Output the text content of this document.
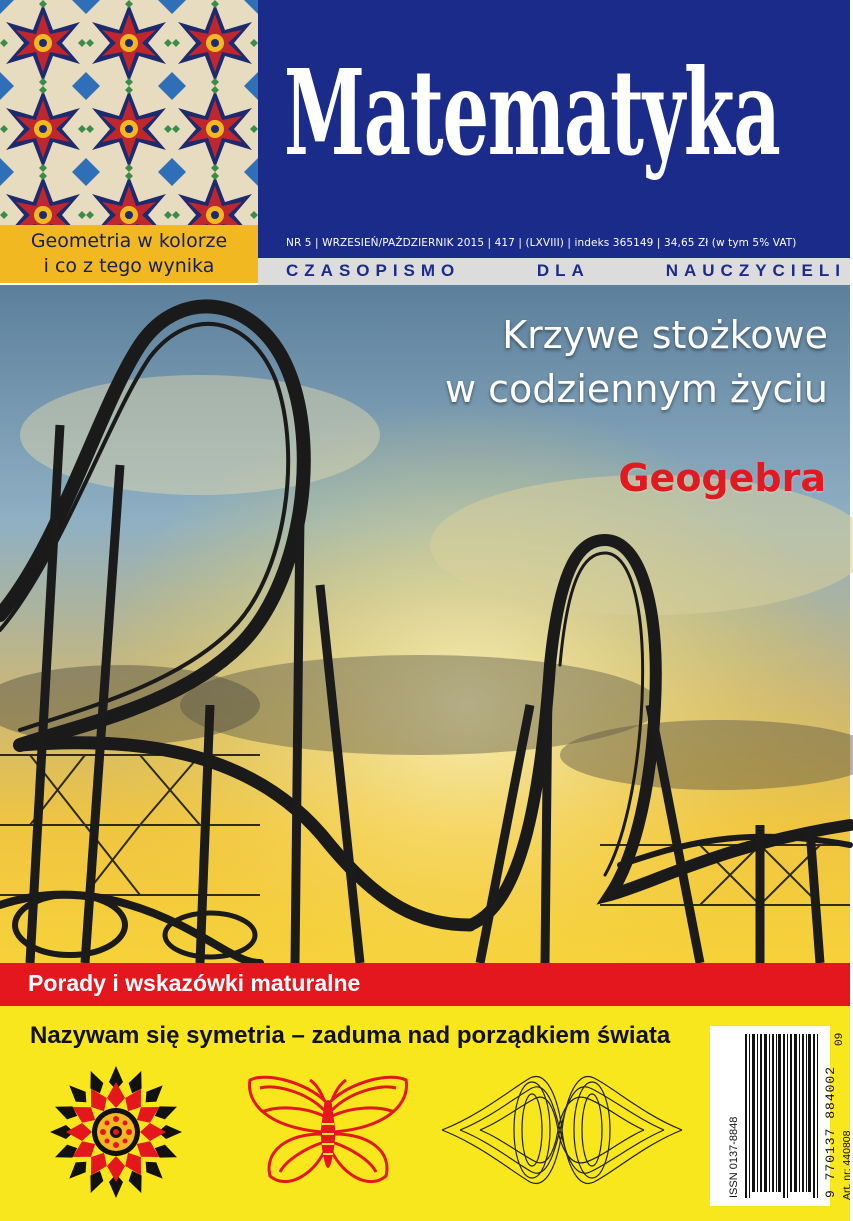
Geometria w kolorze
i co z tego wynika
Matematyka
NR 5 | WRZESIEŃ/PAŹDZIERNIK 2015 | 417 | (LXVIII) | indeks 365149 | 34,65 Zł (w tym 5% VAT)
CZASOPISMO DLA NAUCZYCIELI
Krzywe stożkowe
w codziennym życiu
Geogebra
Porady i wskazówki maturalne
Nazywam się symetria – zaduma nad porządkiem świata
ISSN 0137-8848	9 770137 884002
09
Art. nr: 440808
